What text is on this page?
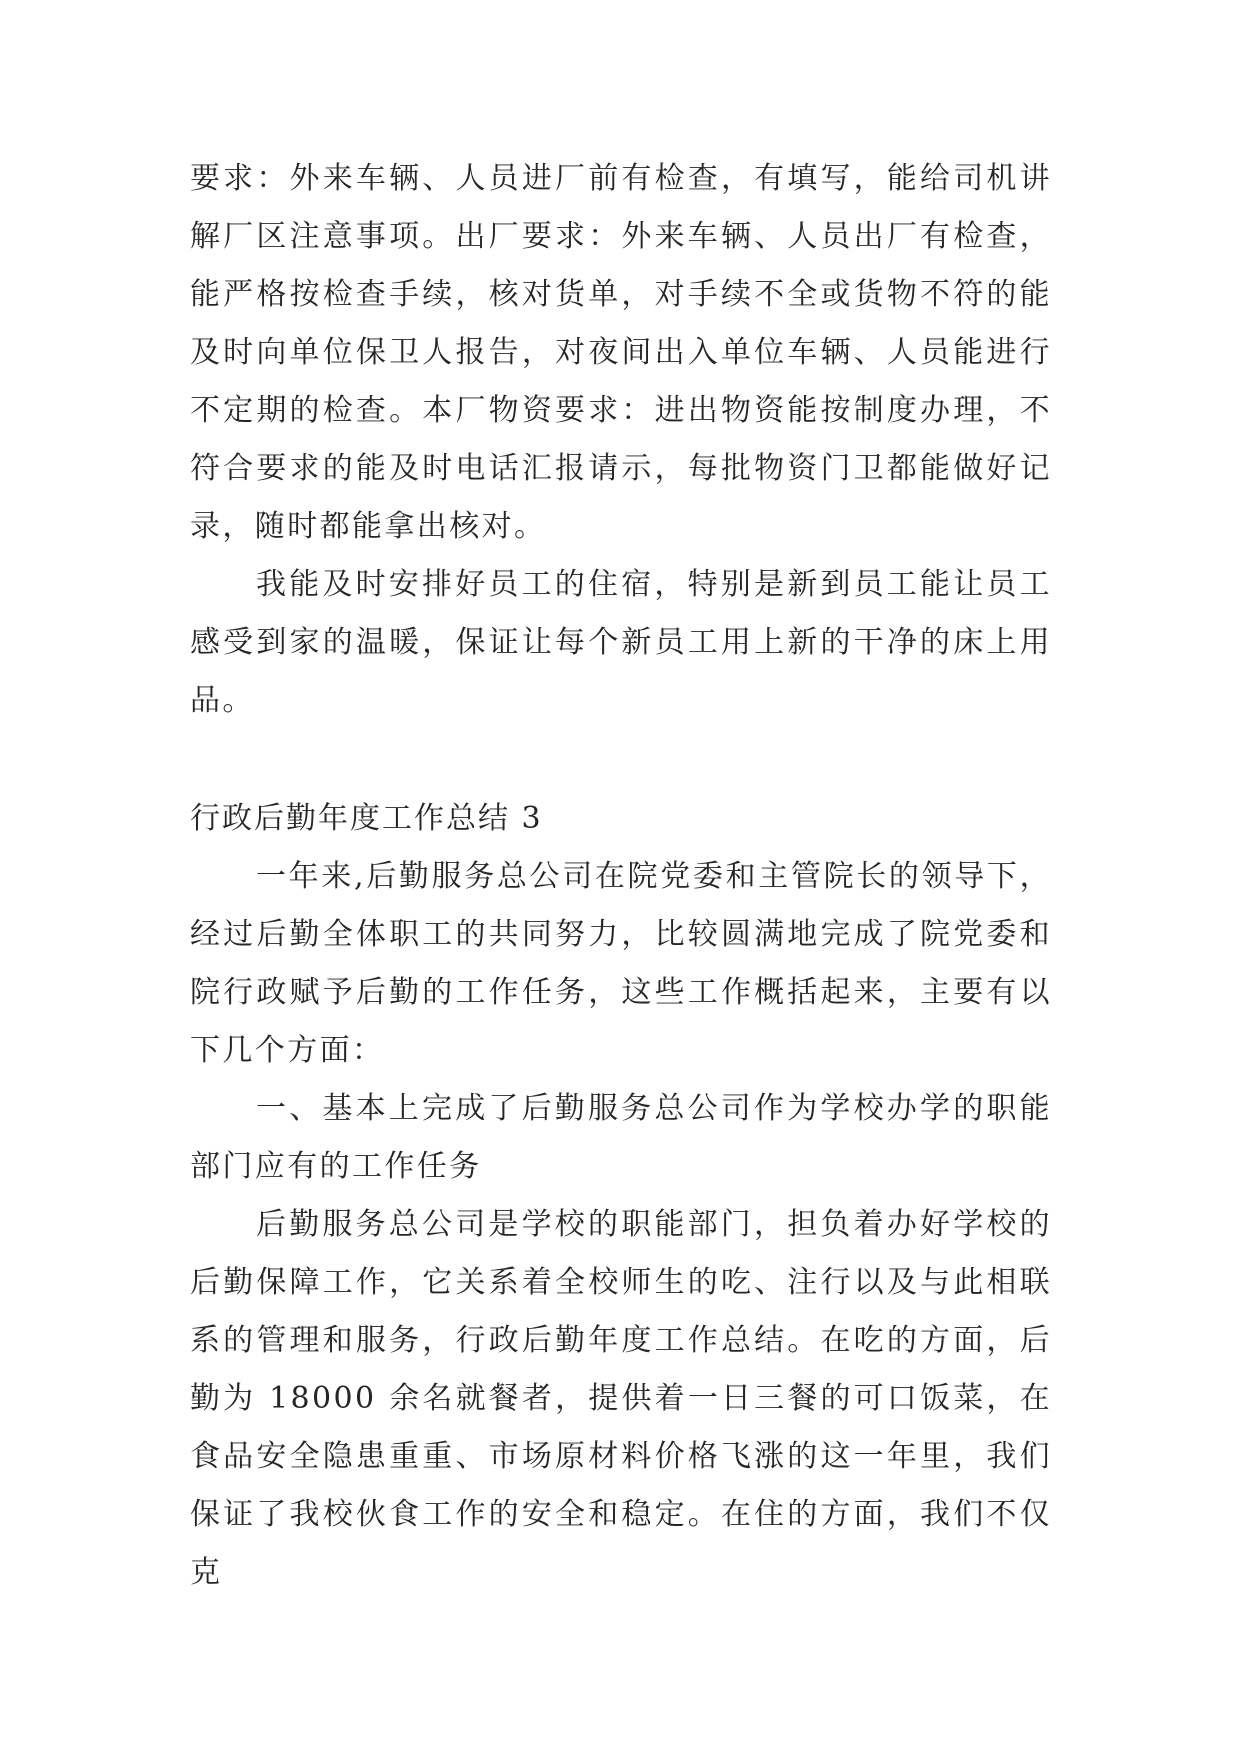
要求：外来车辆、人员进厂前有检查，有填写，能给司机讲解厂区注意事项。出厂要求：外来车辆、人员出厂有检查，能严格按检查手续，核对货单，对手续不全或货物不符的能及时向单位保卫人报告，对夜间出入单位车辆、人员能进行不定期的检查。本厂物资要求：进出物资能按制度办理，不符合要求的能及时电话汇报请示，每批物资门卫都能做好记录，随时都能拿出核对。

我能及时安排好员工的住宿，特别是新到员工能让员工感受到家的温暖，保证让每个新员工用上新的干净的床上用品。

行政后勤年度工作总结 3

一年来,后勤服务总公司在院党委和主管院长的领导下，经过后勤全体职工的共同努力，比较圆满地完成了院党委和院行政赋予后勤的工作任务，这些工作概括起来，主要有以下几个方面：

一、基本上完成了后勤服务总公司作为学校办学的职能部门应有的工作任务

后勤服务总公司是学校的职能部门，担负着办好学校的后勤保障工作，它关系着全校师生的吃、注行以及与此相联系的管理和服务，行政后勤年度工作总结。在吃的方面，后勤为 18000 余名就餐者，提供着一日三餐的可口饭菜，在食品安全隐患重重、市场原材料价格飞涨的这一年里，我们保证了我校伙食工作的安全和稳定。在住的方面，我们不仅克
